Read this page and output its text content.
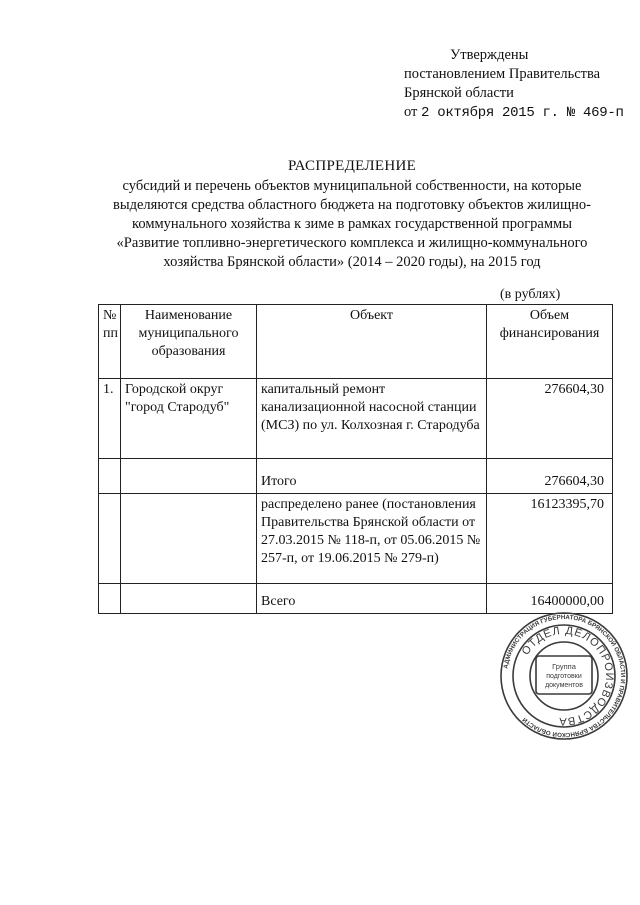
Утверждены
постановлением Правительства
Брянской области
от 2 октября 2015 г. № 469-п
РАСПРЕДЕЛЕНИЕ
субсидий и перечень объектов муниципальной собственности, на которые
выделяются средства областного бюджета на подготовку объектов жилищно-
коммунального хозяйства к зиме в рамках государственной программы
«Развитие топливно-энергетического комплекса и жилищно-коммунального
хозяйства Брянской области» (2014 – 2020 годы), на 2015 год
(в рублях)
№ пп	Наименование муниципального образования	Объект	Объем финансирования
1.	Городской округ "город Стародуб"	капитальный ремонт канализационной насосной станции (МСЗ) по ул. Колхозная г. Стародуба	276604,30
		Итого	276604,30
		распределено ранее (постановления Правительства Брянской области от 27.03.2015 № 118-п, от 05.06.2015 № 257-п, от 19.06.2015 № 279-п)	16123395,70
		Всего	16400000,00
АДМИНИСТРАЦИЯ ГУБЕРНАТОРА БРЯНСКОЙ ОБЛАСТИ И ПРАВИТЕЛЬСТВА БРЯНСКОЙ ОБЛАСТИ
ОТДЕЛ ДЕЛОПРОИЗВОДСТВА
Группа
подготовки
документов
